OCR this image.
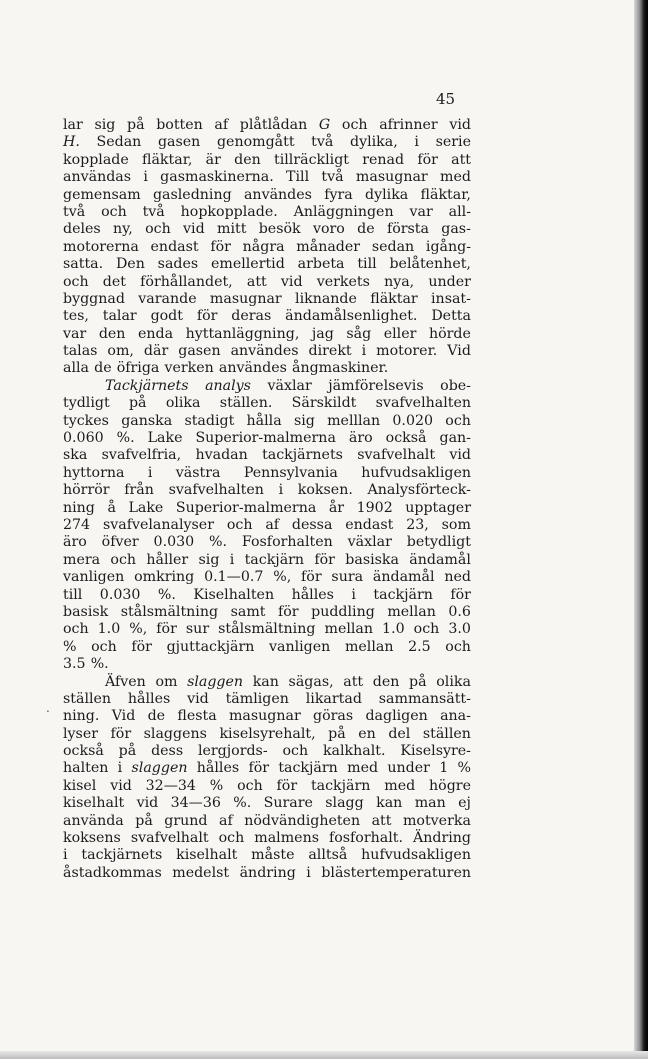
45
lar sig på botten af plåtlådan G och afrinner vid
H. Sedan gasen genomgått två dylika, i serie
kopplade fläktar, är den tillräckligt renad för att
användas i gasmaskinerna. Till två masugnar med
gemensam gasledning användes fyra dylika fläktar,
två och två hopkopplade. Anläggningen var all-
deles ny, och vid mitt besök voro de första gas-
motorerna endast för några månader sedan igång-
satta. Den sades emellertid arbeta till belåtenhet,
och det förhållandet, att vid verkets nya, under
byggnad varande masugnar liknande fläktar insat-
tes, talar godt för deras ändamålsenlighet. Detta
var den enda hyttanläggning, jag såg eller hörde
talas om, där gasen användes direkt i motorer. Vid
alla de öfriga verken användes ångmaskiner.
Tackjärnets analys växlar jämförelsevis obe-
tydligt på olika ställen. Särskildt svafvelhalten
tyckes ganska stadigt hålla sig melllan 0.020 och
0.060 %. Lake Superior-malmerna äro också gan-
ska svafvelfria, hvadan tackjärnets svafvelhalt vid
hyttorna i västra Pennsylvania hufvudsakligen
hörrör från svafvelhalten i koksen. Analysförteck-
ning å Lake Superior-malmerna år 1902 upptager
274 svafvelanalyser och af dessa endast 23, som
äro öfver 0.030 %. Fosforhalten växlar betydligt
mera och håller sig i tackjärn för basiska ändamål
vanligen omkring 0.1—0.7 %, för sura ändamål ned
till 0.030 %. Kiselhalten hålles i tackjärn för
basisk stålsmältning samt för puddling mellan 0.6
och 1.0 %, för sur stålsmältning mellan 1.0 och 3.0
% och för gjuttackjärn vanligen mellan 2.5 och
3.5 %.
Äfven om slaggen kan sägas, att den på olika
ställen hålles vid tämligen likartad sammansätt-
ning. Vid de flesta masugnar göras dagligen ana-
lyser för slaggens kiselsyrehalt, på en del ställen
också på dess lergjords- och kalkhalt. Kiselsyre-
halten i slaggen hålles för tackjärn med under 1 %
kisel vid 32—34 % och för tackjärn med högre
kiselhalt vid 34—36 %. Surare slagg kan man ej
använda på grund af nödvändigheten att motverka
koksens svafvelhalt och malmens fosforhalt. Ändring
i tackjärnets kiselhalt måste alltså hufvudsakligen
åstadkommas medelst ändring i blästertemperaturen
.
